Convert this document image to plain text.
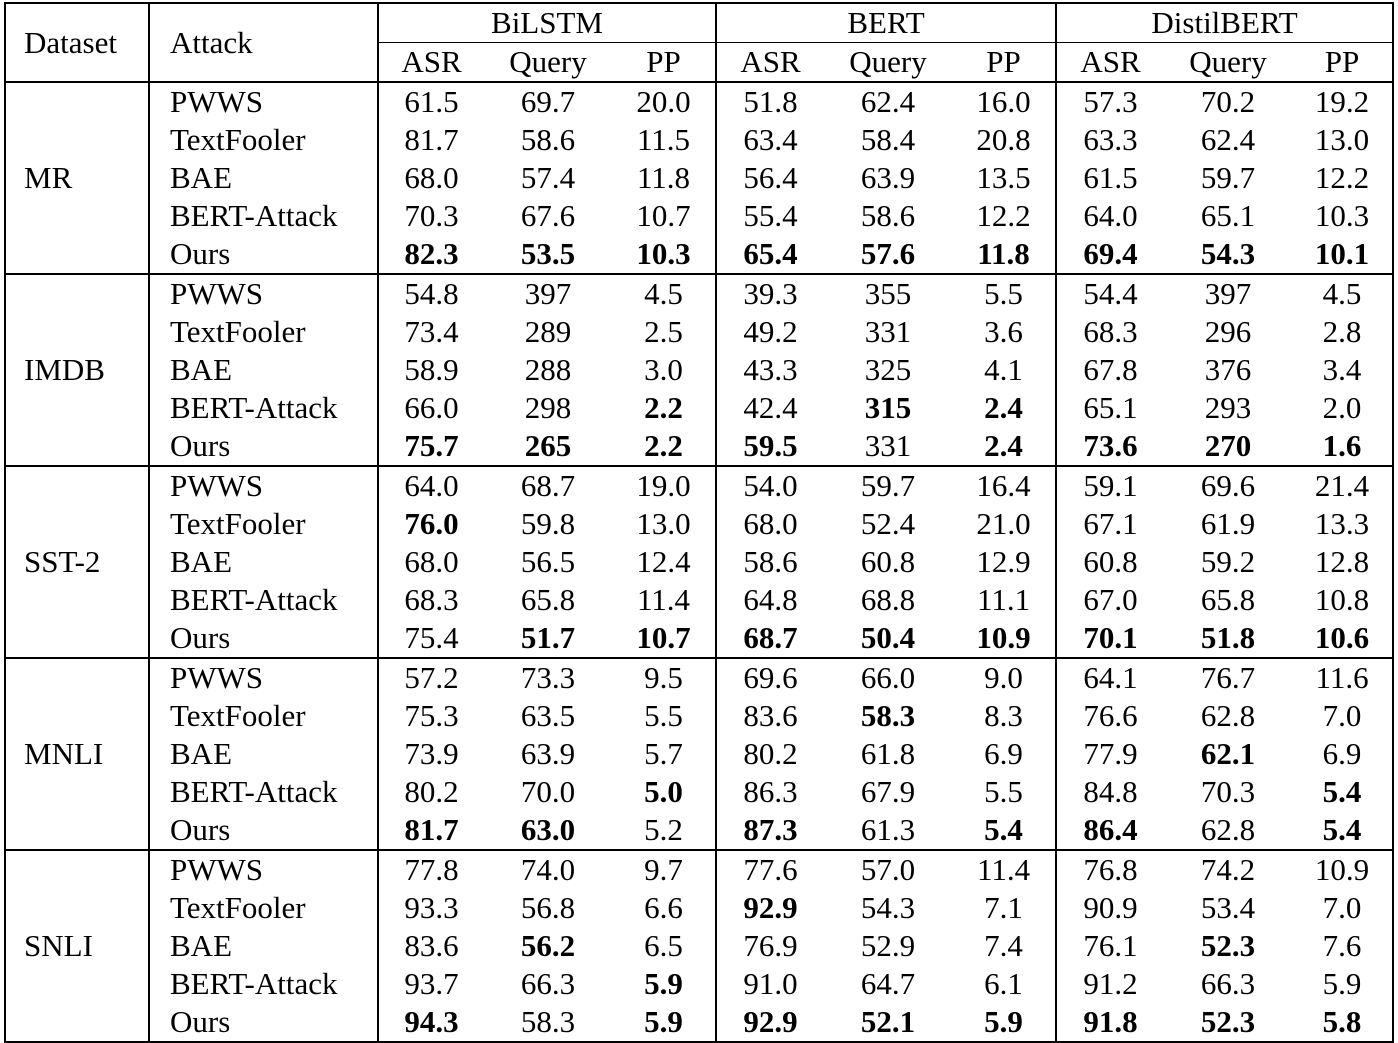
Dataset	Attack	BiLSTM			BERT			DistilBERT		
		ASR	Query	PP	ASR	Query	PP	ASR	Query	PP
MR	PWWS	61.5	69.7	20.0	51.8	62.4	16.0	57.3	70.2	19.2
	TextFooler	81.7	58.6	11.5	63.4	58.4	20.8	63.3	62.4	13.0
	BAE	68.0	57.4	11.8	56.4	63.9	13.5	61.5	59.7	12.2
	BERT-Attack	70.3	67.6	10.7	55.4	58.6	12.2	64.0	65.1	10.3
	Ours	82.3	53.5	10.3	65.4	57.6	11.8	69.4	54.3	10.1
IMDB	PWWS	54.8	397	4.5	39.3	355	5.5	54.4	397	4.5
	TextFooler	73.4	289	2.5	49.2	331	3.6	68.3	296	2.8
	BAE	58.9	288	3.0	43.3	325	4.1	67.8	376	3.4
	BERT-Attack	66.0	298	2.2	42.4	315	2.4	65.1	293	2.0
	Ours	75.7	265	2.2	59.5	331	2.4	73.6	270	1.6
SST-2	PWWS	64.0	68.7	19.0	54.0	59.7	16.4	59.1	69.6	21.4
	TextFooler	76.0	59.8	13.0	68.0	52.4	21.0	67.1	61.9	13.3
	BAE	68.0	56.5	12.4	58.6	60.8	12.9	60.8	59.2	12.8
	BERT-Attack	68.3	65.8	11.4	64.8	68.8	11.1	67.0	65.8	10.8
	Ours	75.4	51.7	10.7	68.7	50.4	10.9	70.1	51.8	10.6
MNLI	PWWS	57.2	73.3	9.5	69.6	66.0	9.0	64.1	76.7	11.6
	TextFooler	75.3	63.5	5.5	83.6	58.3	8.3	76.6	62.8	7.0
	BAE	73.9	63.9	5.7	80.2	61.8	6.9	77.9	62.1	6.9
	BERT-Attack	80.2	70.0	5.0	86.3	67.9	5.5	84.8	70.3	5.4
	Ours	81.7	63.0	5.2	87.3	61.3	5.4	86.4	62.8	5.4
SNLI	PWWS	77.8	74.0	9.7	77.6	57.0	11.4	76.8	74.2	10.9
	TextFooler	93.3	56.8	6.6	92.9	54.3	7.1	90.9	53.4	7.0
	BAE	83.6	56.2	6.5	76.9	52.9	7.4	76.1	52.3	7.6
	BERT-Attack	93.7	66.3	5.9	91.0	64.7	6.1	91.2	66.3	5.9
	Ours	94.3	58.3	5.9	92.9	52.1	5.9	91.8	52.3	5.8
